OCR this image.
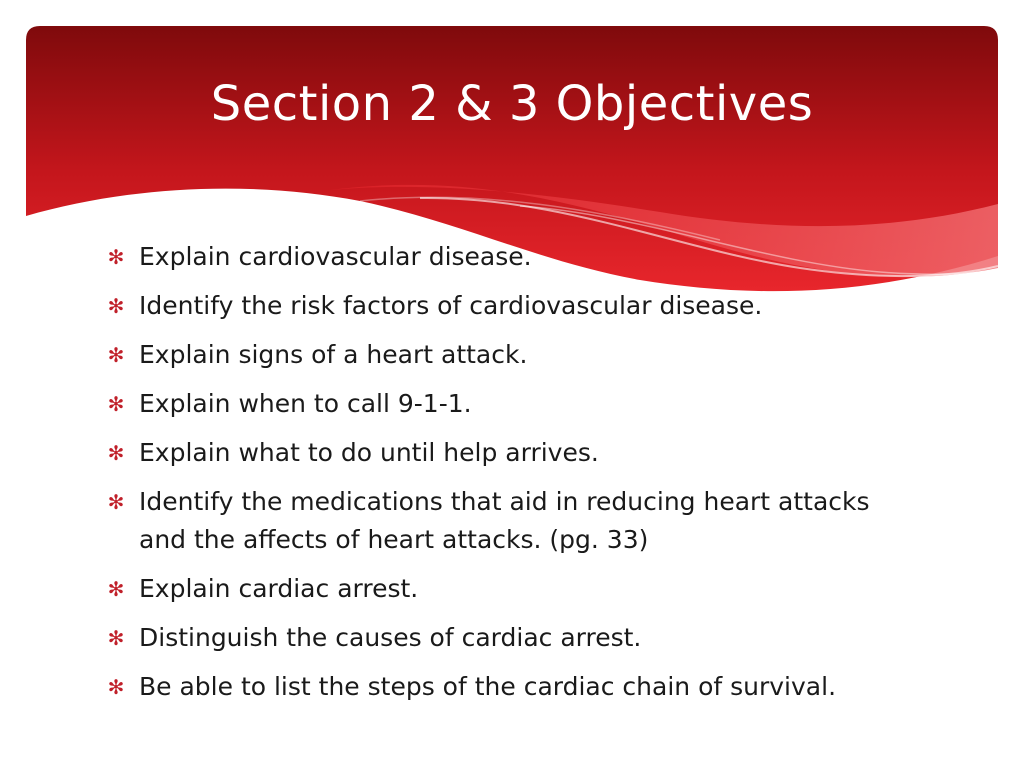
Section 2 & 3 Objectives
✻ Explain cardiovascular disease.
✻ Identify the risk factors of cardiovascular disease.
✻ Explain signs of a heart attack.
✻ Explain when to call 9-1-1.
✻ Explain what to do until help arrives.
✻ Identify the medications that aid in reducing heart attacks and the affects of heart attacks. (pg. 33)
✻ Explain cardiac arrest.
✻ Distinguish the causes of cardiac arrest.
✻ Be able to list the steps of the cardiac chain of survival.
